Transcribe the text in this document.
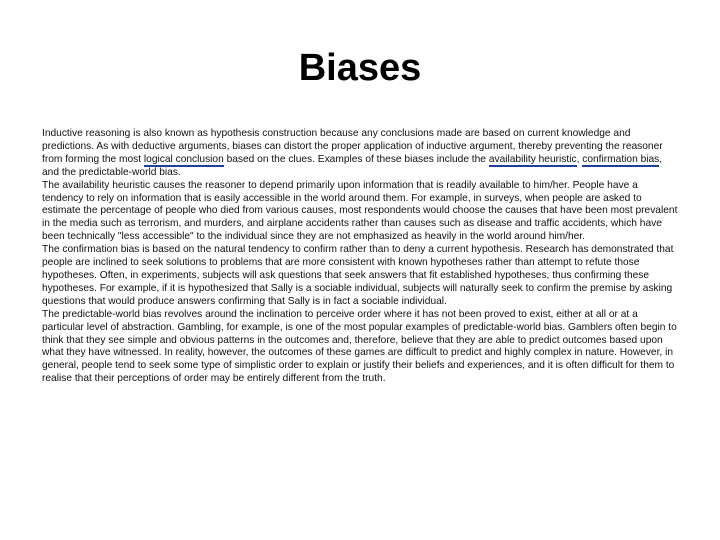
Biases

Inductive reasoning is also known as hypothesis construction because any conclusions made are based on current knowledge and predictions. As with deductive arguments, biases can distort the proper application of inductive argument, thereby preventing the reasoner from forming the most logical conclusion based on the clues. Examples of these biases include the availability heuristic, confirmation bias, and the predictable-world bias.

The availability heuristic causes the reasoner to depend primarily upon information that is readily available to him/her. People have a tendency to rely on information that is easily accessible in the world around them. For example, in surveys, when people are asked to estimate the percentage of people who died from various causes, most respondents would choose the causes that have been most prevalent in the media such as terrorism, and murders, and airplane accidents rather than causes such as disease and traffic accidents, which have been technically "less accessible" to the individual since they are not emphasized as heavily in the world around him/her.

The confirmation bias is based on the natural tendency to confirm rather than to deny a current hypothesis. Research has demonstrated that people are inclined to seek solutions to problems that are more consistent with known hypotheses rather than attempt to refute those hypotheses. Often, in experiments, subjects will ask questions that seek answers that fit established hypotheses, thus confirming these hypotheses. For example, if it is hypothesized that Sally is a sociable individual, subjects will naturally seek to confirm the premise by asking questions that would produce answers confirming that Sally is in fact a sociable individual.

The predictable-world bias revolves around the inclination to perceive order where it has not been proved to exist, either at all or at a particular level of abstraction. Gambling, for example, is one of the most popular examples of predictable-world bias. Gamblers often begin to think that they see simple and obvious patterns in the outcomes and, therefore, believe that they are able to predict outcomes based upon what they have witnessed. In reality, however, the outcomes of these games are difficult to predict and highly complex in nature. However, in general, people tend to seek some type of simplistic order to explain or justify their beliefs and experiences, and it is often difficult for them to realise that their perceptions of order may be entirely different from the truth.
